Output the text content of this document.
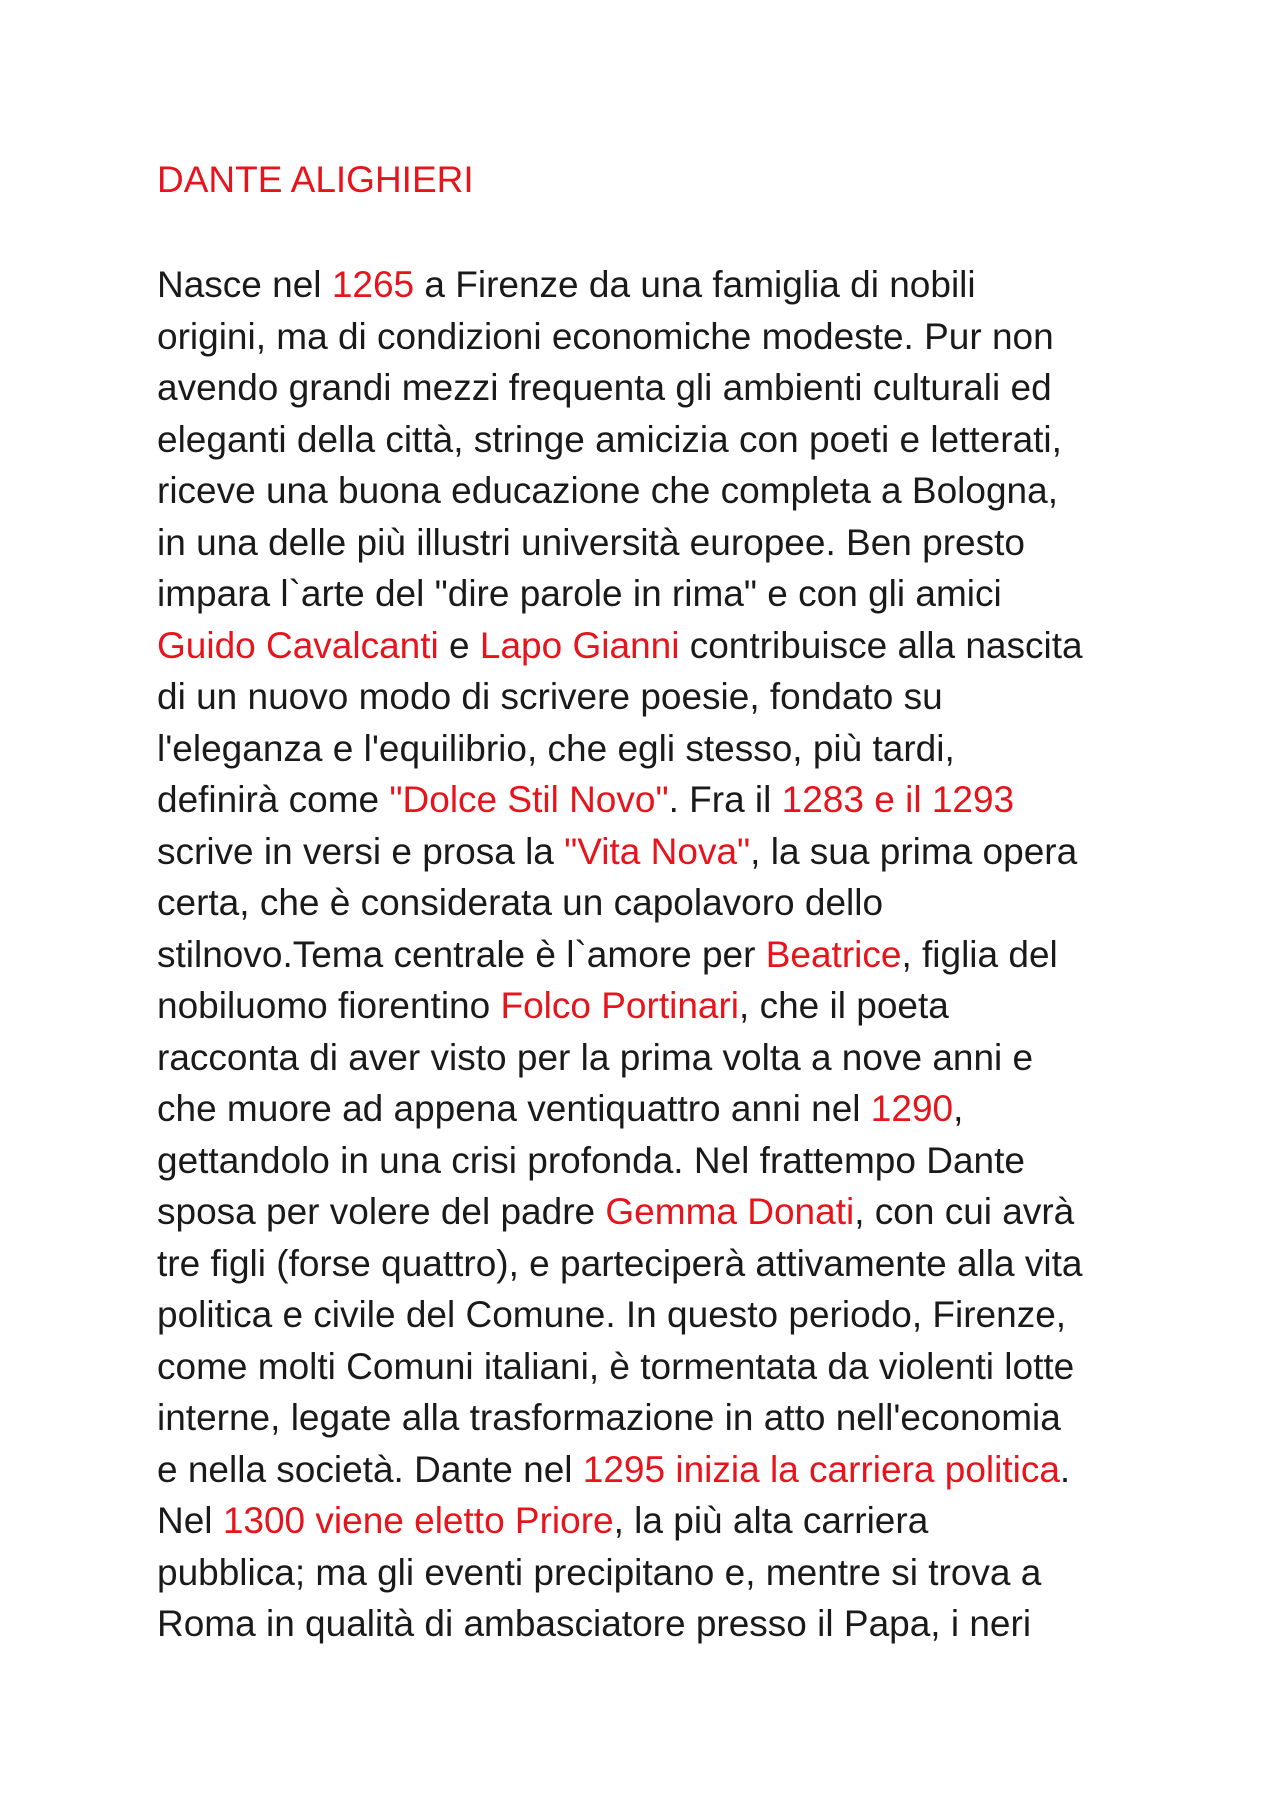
DANTE ALIGHIERI
Nasce nel 1265 a Firenze da una famiglia di nobili
origini, ma di condizioni economiche modeste. Pur non
avendo grandi mezzi frequenta gli ambienti culturali ed
eleganti della città, stringe amicizia con poeti e letterati,
riceve una buona educazione che completa a Bologna,
in una delle più illustri università europee. Ben presto
impara l`arte del "dire parole in rima" e con gli amici
Guido Cavalcanti e Lapo Gianni contribuisce alla nascita
di un nuovo modo di scrivere poesie, fondato su
l'eleganza e l'equilibrio, che egli stesso, più tardi,
definirà come "Dolce Stil Novo". Fra il 1283 e il 1293
scrive in versi e prosa la "Vita Nova", la sua prima opera
certa, che è considerata un capolavoro dello
stilnovo.Tema centrale è l`amore per Beatrice, figlia del
nobiluomo fiorentino Folco Portinari, che il poeta
racconta di aver visto per la prima volta a nove anni e
che muore ad appena ventiquattro anni nel 1290,
gettandolo in una crisi profonda. Nel frattempo Dante
sposa per volere del padre Gemma Donati, con cui avrà
tre figli (forse quattro), e parteciperà attivamente alla vita
politica e civile del Comune. In questo periodo, Firenze,
come molti Comuni italiani, è tormentata da violenti lotte
interne, legate alla trasformazione in atto nell'economia
e nella società. Dante nel 1295 inizia la carriera politica.
Nel 1300 viene eletto Priore, la più alta carriera
pubblica; ma gli eventi precipitano e, mentre si trova a
Roma in qualità di ambasciatore presso il Papa, i neri
